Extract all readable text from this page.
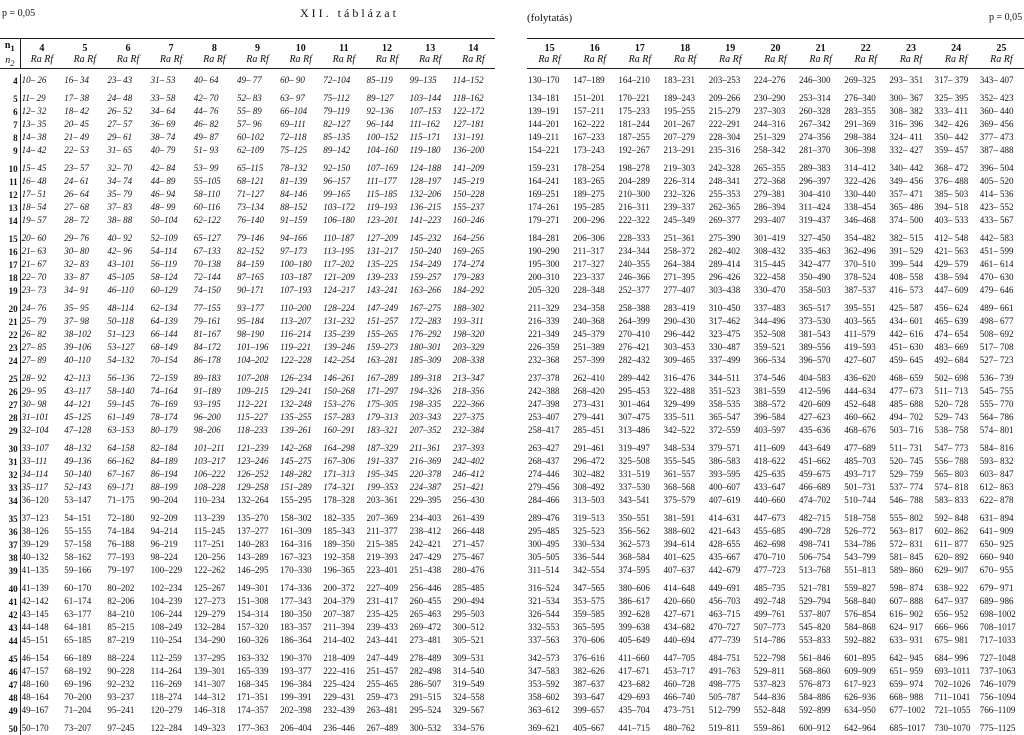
p = 0,05	XII. táblázat
$n_1$	4	5	6	7	8	9	10	11	12	13	14
$n_2$	Ra Rf	Ra Rf	Ra Rf	Ra Rf	Ra Rf	Ra Rf	Ra Rf	Ra Rf	Ra Rf	Ra Rf	Ra Rf

4	10– 26	16– 34	23– 43	31– 53	40– 64	49– 77	60– 90	72–104	85–119	99–135	114–152

5	11– 29	17– 38	24– 48	33– 58	42– 70	52– 83	63– 97	75–112	89–127	103–144	118–162
6	12– 32	18– 42	26– 52	34– 64	44– 76	55– 89	66–104	79–119	92–136	107–153	122–172
7	13– 35	20– 45	27– 57	36– 69	46– 82	57– 96	69–111	82–127	96–144	111–162	127–181
8	14– 38	21– 49	29– 61	38– 74	49– 87	60–102	72–118	85–135	100–152	115–171	131–191
9	14– 42	22– 53	31– 65	40– 79	51– 93	62–109	75–125	89–142	104–160	119–180	136–200

10	15– 45	23– 57	32– 70	42– 84	53– 99	65–115	78–132	92–150	107–169	124–188	141–209
11	16– 48	24– 61	34– 74	44– 89	55–105	68–121	81–139	96–157	111–177	128–197	145–219
12	17– 51	26– 64	35– 79	46– 94	58–110	71–127	84–146	99–165	115–185	132–206	150–228
13	18– 54	27– 68	37– 83	48– 99	60–116	73–134	88–152	103–172	119–193	136–215	155–237
14	19– 57	28– 72	38– 88	50–104	62–122	76–140	91–159	106–180	123–201	141–223	160–246

15	20– 60	29– 76	40– 92	52–109	65–127	79–146	94–166	110–187	127–209	145–232	164–256
16	21– 63	30– 80	42– 96	54–114	67–133	82–152	97–173	113–195	131–217	150–240	169–265
17	21– 67	32– 83	43–101	56–119	70–138	84–159	100–180	117–202	135–225	154–249	174–274
18	22– 70	33– 87	45–105	58–124	72–144	87–165	103–187	121–209	139–233	159–257	179–283
19	23– 73	34– 91	46–110	60–129	74–150	90–171	107–193	124–217	143–241	163–266	184–292

20	24– 76	35– 95	48–114	62–134	77–155	93–177	110–200	128–224	147–249	167–275	188–302
21	25– 79	37– 98	50–118	64–139	79–161	95–184	113–207	131–232	151–257	172–283	193–311
22	26– 82	38–102	51–123	66–144	81–167	98–190	116–214	135–239	155–265	176–292	198–320
23	27– 85	39–106	53–127	68–149	84–172	101–196	119–221	139–246	159–273	180–301	203–329
24	27– 89	40–110	54–132	70–154	86–178	104–202	122–228	142–254	163–281	185–309	208–338

25	28– 92	42–113	56–136	72–159	89–183	107–208	126–234	146–261	167–289	189–318	213–347
26	29– 95	43–117	58–140	74–164	91–189	109–215	129–241	150–268	171–297	194–326	218–356
27	30– 98	44–121	59–145	76–169	93–195	112–221	132–248	153–276	175–305	198–335	222–366
28	31–101	45–125	61–149	78–174	96–200	115–227	135–255	157–283	179–313	203–343	227–375
29	32–104	47–128	63–153	80–179	98–206	118–233	139–261	160–291	183–321	207–352	232–384

30	33–107	48–132	64–158	82–184	101–211	121–239	142–268	164–298	187–329	211–361	237–393
31	33–111	49–136	66–162	84–189	103–217	123–246	145–275	167–306	191–337	216–369	242–402
32	34–114	50–140	67–167	86–194	106–222	126–252	148–282	171–313	195–345	220–378	246–412
33	35–117	52–143	69–171	88–199	108–228	129–258	151–289	174–321	199–353	224–387	251–421
34	36–120	53–147	71–175	90–204	110–234	132–264	155–295	178–328	203–361	229–395	256–430

35	37–123	54–151	72–180	92–209	113–239	135–270	158–302	182–335	207–369	234–403	261–439
36	38–126	55–155	74–184	94–214	115–245	137–277	161–309	185–343	211–377	238–412	266–448
37	39–129	57–158	76–188	96–219	117–251	140–283	164–316	189–350	215–385	242–421	271–457
38	40–132	58–162	77–193	98–224	120–256	143–289	167–323	192–358	219–393	247–429	275–467
39	41–135	59–166	79–197	100–229	122–262	146–295	170–330	196–365	223–401	251–438	280–476

40	41–139	60–170	80–202	102–234	125–267	149–301	174–336	200–372	227–409	256–446	285–485
41	42–142	61–174	82–206	104–239	127–273	151–308	177–343	204–379	231–417	260–455	290–494
42	43–145	63–177	84–210	106–244	129–279	154–314	180–350	207–387	235–425	265–463	295–503
43	44–148	64–181	85–215	108–249	132–284	157–320	183–357	211–394	239–433	269–472	300–512
44	45–151	65–185	87–219	110–254	134–290	160–326	186–364	214–402	243–441	273–481	305–521

45	46–154	66–189	88–224	112–259	137–295	163–332	190–370	218–409	247–449	278–489	309–531
46	47–157	68–192	90–228	114–264	139–301	165–339	193–377	222–416	251–457	282–498	314–540
47	48–160	69–196	92–232	116–269	141–307	168–345	196–384	225–424	255–465	286–507	319–549
48	48–164	70–200	93–237	118–274	144–312	171–351	199–391	229–431	259–473	291–515	324–558
49	49–167	71–204	95–241	120–279	146–318	174–357	202–398	232–439	263–481	295–524	329–567

50	50–170	73–207	97–245	122–284	149–323	177–363	206–404	236–446	267–489	300–532	334–576
(folytatás)	p = 0,05
15	16	17	18	19	20	21	22	23	24	25
Ra Rf	Ra Rf	Ra Rf	Ra Rf	Ra Rf	Ra Rf	Ra Rf	Ra Rf	Ra Rf	Ra Rf	Ra Rf

130–170	147–189	164–210	183–231	203–253	224–276	246–300	269–325	293– 351	317– 379	343– 407

134–181	151–201	170–221	189–243	209–266	230–290	253–314	276–340	300– 367	325– 395	352– 423
139–191	157–211	175–233	195–255	215–279	237–303	260–328	283–355	308– 382	333– 411	360– 440
144–201	162–222	181–244	201–267	222–291	244–316	267–342	291–369	316– 396	342– 426	369– 456
149–211	167–233	187–255	207–279	228–304	251–329	274–356	298–384	324– 411	350– 442	377– 473
154–221	173–243	192–267	213–291	235–316	258–342	281–370	306–398	332– 427	359– 457	387– 488

159–231	178–254	198–278	219–303	242–328	265–355	289–383	314–412	340– 442	368– 472	396– 504
164–241	183–265	204–289	226–314	248–341	272–368	296–397	322–426	349– 456	376– 488	405– 520
169–251	189–275	210–300	232–326	255–353	279–381	304–410	330–440	357– 471	385– 503	414– 536
174–261	195–285	216–311	239–337	262–365	286–394	311–424	338–454	365– 486	394– 518	423– 552
179–271	200–296	222–322	245–349	269–377	293–407	319–437	346–468	374– 500	403– 533	433– 567

184–281	206–306	228–333	251–361	275–390	301–419	327–450	354–482	382– 515	412– 548	442– 583
190–290	211–317	234–344	258–372	282–402	308–432	335–463	362–496	391– 529	421– 563	451– 599
195–300	217–327	240–355	264–384	289–414	315–445	342–477	370–510	399– 544	429– 579	461– 614
200–310	223–337	246–366	271–395	296–426	322–458	350–490	378–524	408– 558	438– 594	470– 630
205–320	228–348	252–377	277–407	303–438	330–470	358–503	387–537	416– 573	447– 609	479– 646

211–329	234–358	258–388	283–419	310–450	337–483	365–517	395–551	425– 587	456– 624	489– 661
216–339	240–368	264–399	290–430	317–462	344–496	373–530	403–565	434– 601	465– 639	498– 677
221–349	245–379	270–410	296–442	323–475	352–508	381–543	411–579	442– 616	474– 654	508– 692
226–359	251–389	276–421	303–453	330–487	359–521	389–556	419–593	451– 630	483– 669	517– 708
232–368	257–399	282–432	309–465	337–499	366–534	396–570	427–607	459– 645	492– 684	527– 723

237–378	262–410	289–442	316–476	344–511	374–546	404–583	436–620	468– 659	502– 698	536– 739
242–388	268–420	295–453	322–488	351–523	381–559	412–596	444–634	477– 673	511– 713	545– 755
247–398	273–431	301–464	329–499	358–535	388–572	420–609	452–648	485– 688	520– 728	555– 770
253–407	279–441	307–475	335–511	365–547	396–584	427–623	460–662	494– 702	529– 743	564– 786
258–417	285–451	313–486	342–522	372–559	403–597	435–636	468–676	503– 716	538– 758	574– 801

263–427	291–461	319–497	348–534	379–571	411–609	443–649	477–689	511– 731	547– 773	584– 816
268–437	296–472	325–508	355–545	386–583	418–622	451–662	485–703	520– 745	556– 788	593– 832
274–446	302–482	331–519	361–557	393–595	425–635	459–675	493–717	529– 759	565– 803	603– 847
279–456	308–492	337–530	368–568	400–607	433–647	466–689	501–731	537– 774	574– 818	612– 863
284–466	313–503	343–541	375–579	407–619	440–660	474–702	510–744	546– 788	583– 833	622– 878

289–476	319–513	350–551	381–591	414–631	447–673	482–715	518–758	555– 802	592– 848	631– 894
295–485	325–523	356–562	388–602	421–643	455–685	490–728	526–772	563– 817	602– 862	641– 909
300–495	330–534	362–573	394–614	428–655	462–698	498–741	534–786	572– 831	611– 877	650– 925
305–505	336–544	368–584	401–625	435–667	470–710	506–754	543–799	581– 845	620– 892	660– 940
311–514	342–554	374–595	407–637	442–679	477–723	513–768	551–813	589– 860	629– 907	670– 955

316–524	347–565	380–606	414–648	449–691	485–735	521–781	559–827	598– 874	638– 922	679– 971
321–534	353–575	386–617	420–660	456–703	492–748	529–794	568–840	607– 888	647– 937	689– 986
326–544	359–585	392–628	427–671	463–715	499–761	537–807	576–854	616– 902	656– 952	698–1002
332–553	365–595	399–638	434–682	470–727	507–773	545–820	584–868	624– 917	666– 966	708–1017
337–563	370–606	405–649	440–694	477–739	514–786	553–833	592–882	633– 931	675– 981	717–1033

342–573	376–616	411–660	447–705	484–751	522–798	561–846	601–895	642– 945	684– 996	727–1048
347–583	382–626	417–671	453–717	491–763	529–811	568–860	609–909	651– 959	693–1011	737–1063
353–592	387–637	423–682	460–728	498–775	537–823	576–873	617–923	659– 974	702–1026	746–1079
358–602	393–647	429–693	466–740	505–787	544–836	584–886	626–936	668– 988	711–1041	756–1094
363–612	399–657	435–704	473–751	512–799	552–848	592–899	634–950	677–1002	721–1055	766–1109

369–621	405–667	441–715	480–762	519–811	559–861	600–912	642–964	685–1017	730–1070	775–1125
